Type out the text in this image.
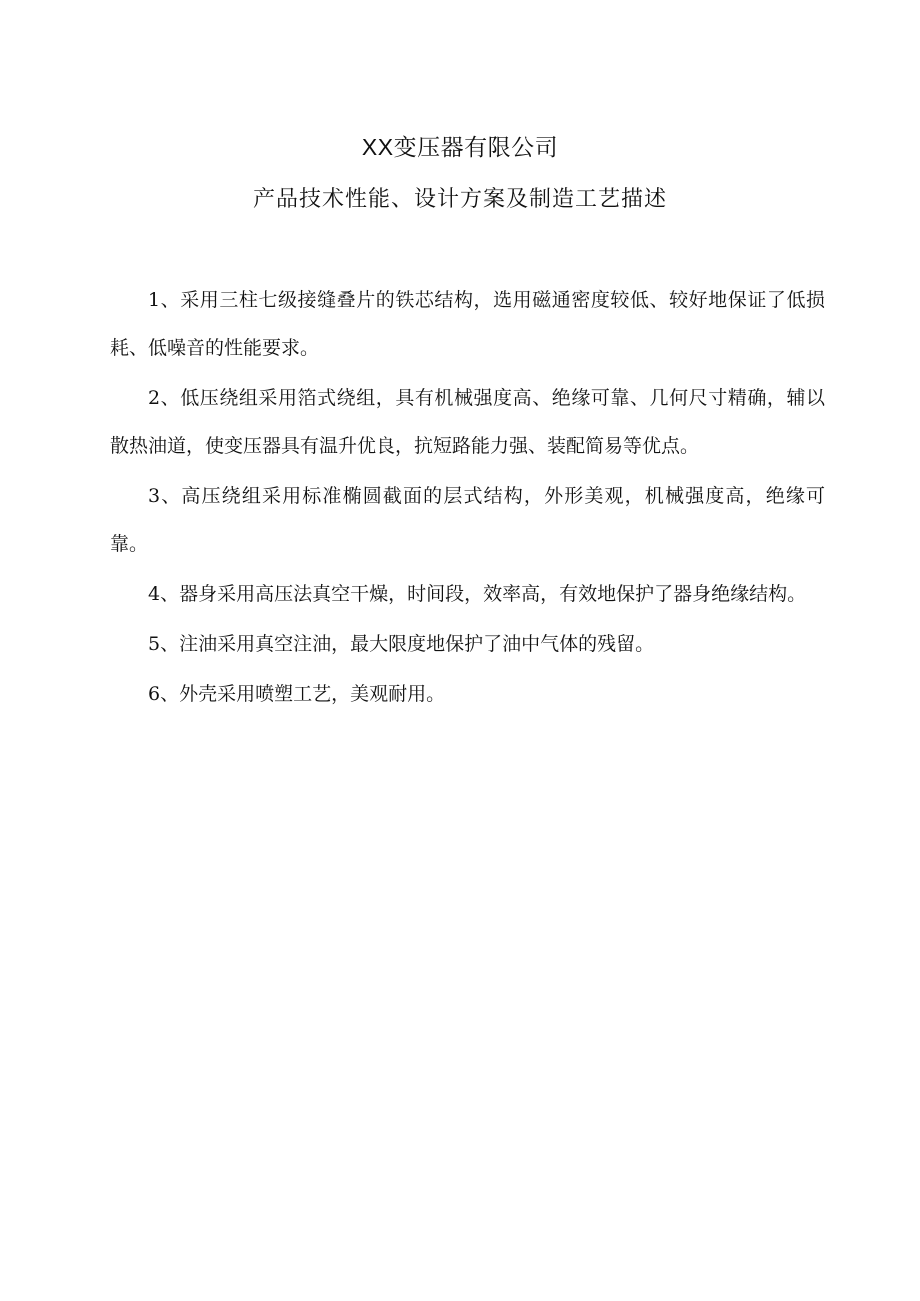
XX变压器有限公司
产品技术性能、设计方案及制造工艺描述

1、采用三柱七级接缝叠片的铁芯结构，选用磁通密度较低、较好地保证了低损耗、低噪音的性能要求。

2、低压绕组采用箔式绕组，具有机械强度高、绝缘可靠、几何尺寸精确，辅以散热油道，使变压器具有温升优良，抗短路能力强、装配简易等优点。

3、高压绕组采用标准椭圆截面的层式结构，外形美观，机械强度高，绝缘可靠。

4、器身采用高压法真空干燥，时间段，效率高，有效地保护了器身绝缘结构。

5、注油采用真空注油，最大限度地保护了油中气体的残留。

6、外壳采用喷塑工艺，美观耐用。
